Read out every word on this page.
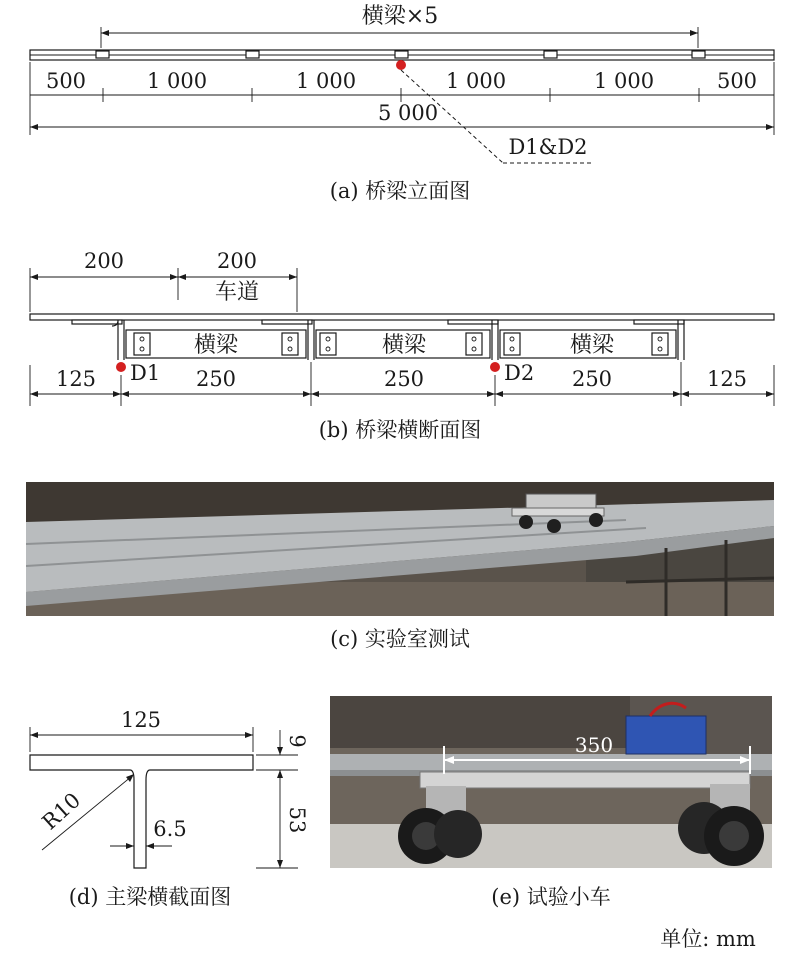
横梁×5
500	1 000	1 000	1 000	1 000	500
5 000
D1&D2
(a) 桥梁立面图
200	200
车道
横梁	横梁	横梁
D1	D2
125	250	250	250	125
(b) 桥梁横断面图
(c) 实验室测试
125
9
53
R10	6.5
(d) 主梁横截面图	(e) 试验小车
单位: mm
350
